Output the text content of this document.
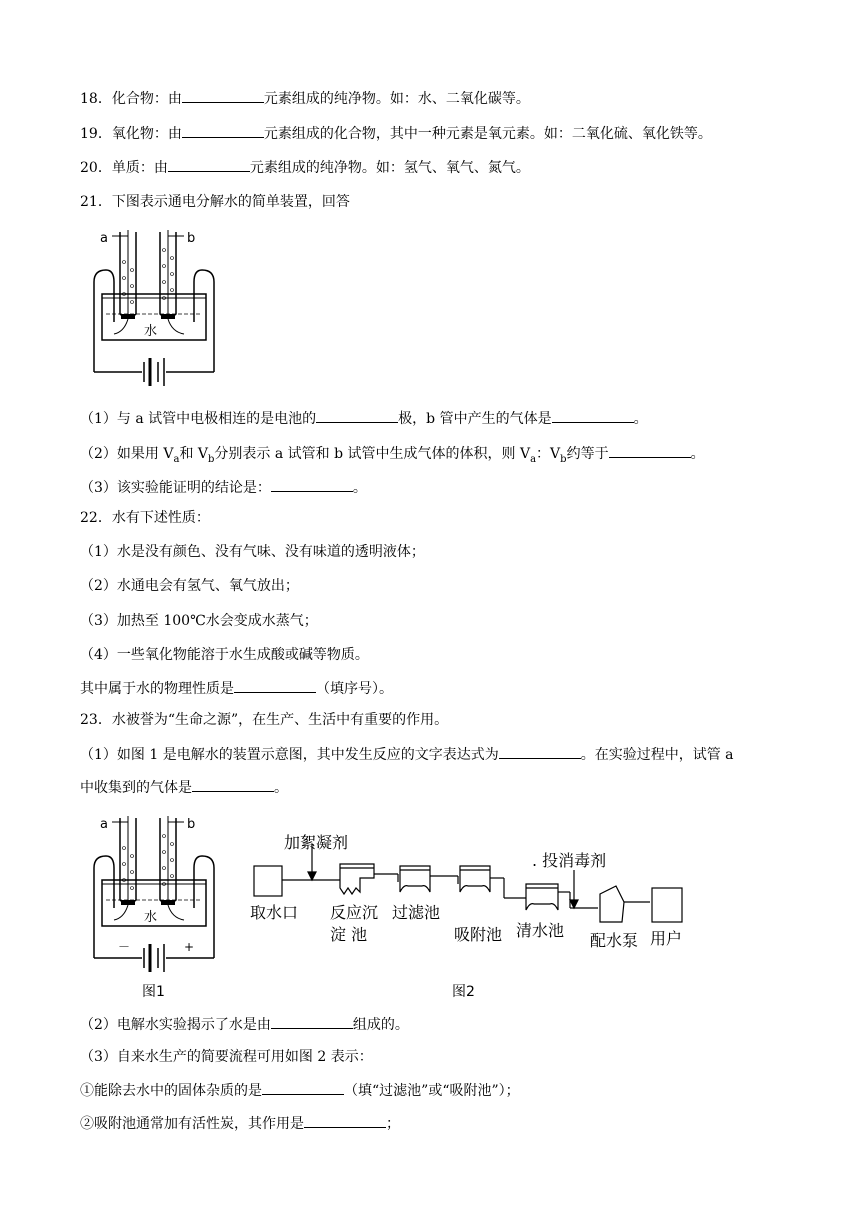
18．化合物：由	元素组成的纯净物。如：水、二氧化碳等。
19．氧化物：由	元素组成的化合物，其中一种元素是氧元素。如：二氧化硫、氧化铁等。
20．单质：由	元素组成的纯净物。如：氢气、氧气、氮气。
21．下图表示通电分解水的简单装置，回答
a	b
水
（1）与 a 试管中电极相连的是电池的	极，b 管中产生的气体是	。
（2）如果用 $V_a$和 $V_b$分别表示 a 试管和 b 试管中生成气体的体积，则 $V_a$：$V_b$约等于	。
（3）该实验能证明的结论是：	。
22．水有下述性质：
（1）水是没有颜色、没有气味、没有味道的透明液体；
（2）水通电会有氢气、氧气放出；
（3）加热至 100℃水会变成水蒸气；
（4）一些氧化物能溶于水生成酸或碱等物质。
其中属于水的物理性质是	（填序号）。
23．水被誉为“生命之源”，在生产、生活中有重要的作用。
（1）如图 1 是电解水的装置示意图，其中发生反应的文字表达式为	。在实验过程中，试管 a
中收集到的气体是	。
a	b
水
－	+
图1
加絮凝剂
. 投消毒剂
取水口 反应沉
淀 池
过滤池
吸附池 清水池
配水泵 用户
图2
（2）电解水实验揭示了水是由	组成的。
（3）自来水生产的简要流程可用如图 2 表示：
①能除去水中的固体杂质的是	（填“过滤池”或“吸附池”）；
②吸附池通常加有活性炭，其作用是	；
